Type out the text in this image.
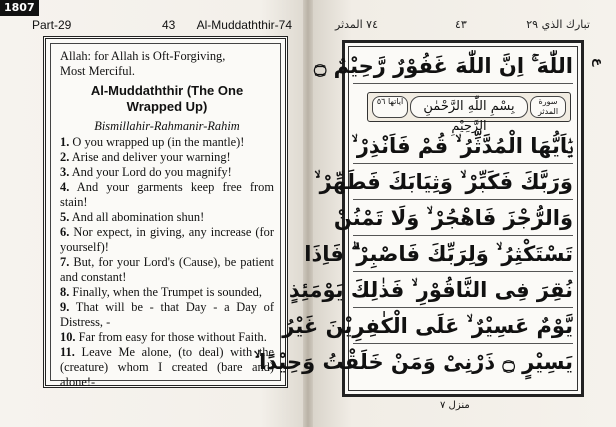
1807
Part-29	43 Al-Muddaththir-74

Allah: for Allah is Oft-Forgiving,

Most Merciful.

Al-Muddaththir (The One
Wrapped Up)

Bismillahir-Rahmanir-Rahim

1. O you wrapped up (in the mantle)!

2. Arise and deliver your warning!

3. And your Lord do you magnify!

4. And your garments keep free from stain!

5. And all abomination shun!

6. Nor expect, in giving, any increase (for yourself)!

7. But, for your Lord's (Cause), be patient and constant!

8. Finally, when the Trumpet is sounded,

9. That will be - that Day - a Day of Distress, -

10. Far from easy for those without Faith.

11. Leave Me alone, (to deal) with the (creature) whom I created (bare and) alone!-

٧٤ المدثر	٤٣	تبارك الذي ٢٩
اللّٰهَ ۚ اِنَّ اللّٰهَ غَفُوْرٌ رَّحِيْمٌ ۝
اياتها ٥٦	بِسْمِ اللّٰهِ الرَّحْمٰنِ الرَّحِيْمِ
سورة المدثر
يٰۤاَيُّهَا الْمُدَّثِّرُ ۙ قُمْ فَاَنْذِرْ ۙ
وَرَبَّكَ فَكَبِّرْ ۙ وَثِيَابَكَ فَطَهِّرْ ۙ
وَالرُّجْزَ فَاهْجُرْ ۙ وَلَا تَمْنُنْ
تَسْتَكْثِرُ ۙ وَلِرَبِّكَ فَاصْبِرْ ۗ فَاِذَا
نُقِرَ فِى النَّاقُوْرِ ۙ فَذٰلِكَ يَوْمَئِذٍ
يَّوْمٌ عَسِيْرٌ ۙ عَلَى الْكٰفِرِيْنَ غَيْرُ
يَسِيْرٍ ۝ ذَرْنِىْ وَمَنْ خَلَقْتُ وَحِيْدًا ۙ
ع
منزل ٧
